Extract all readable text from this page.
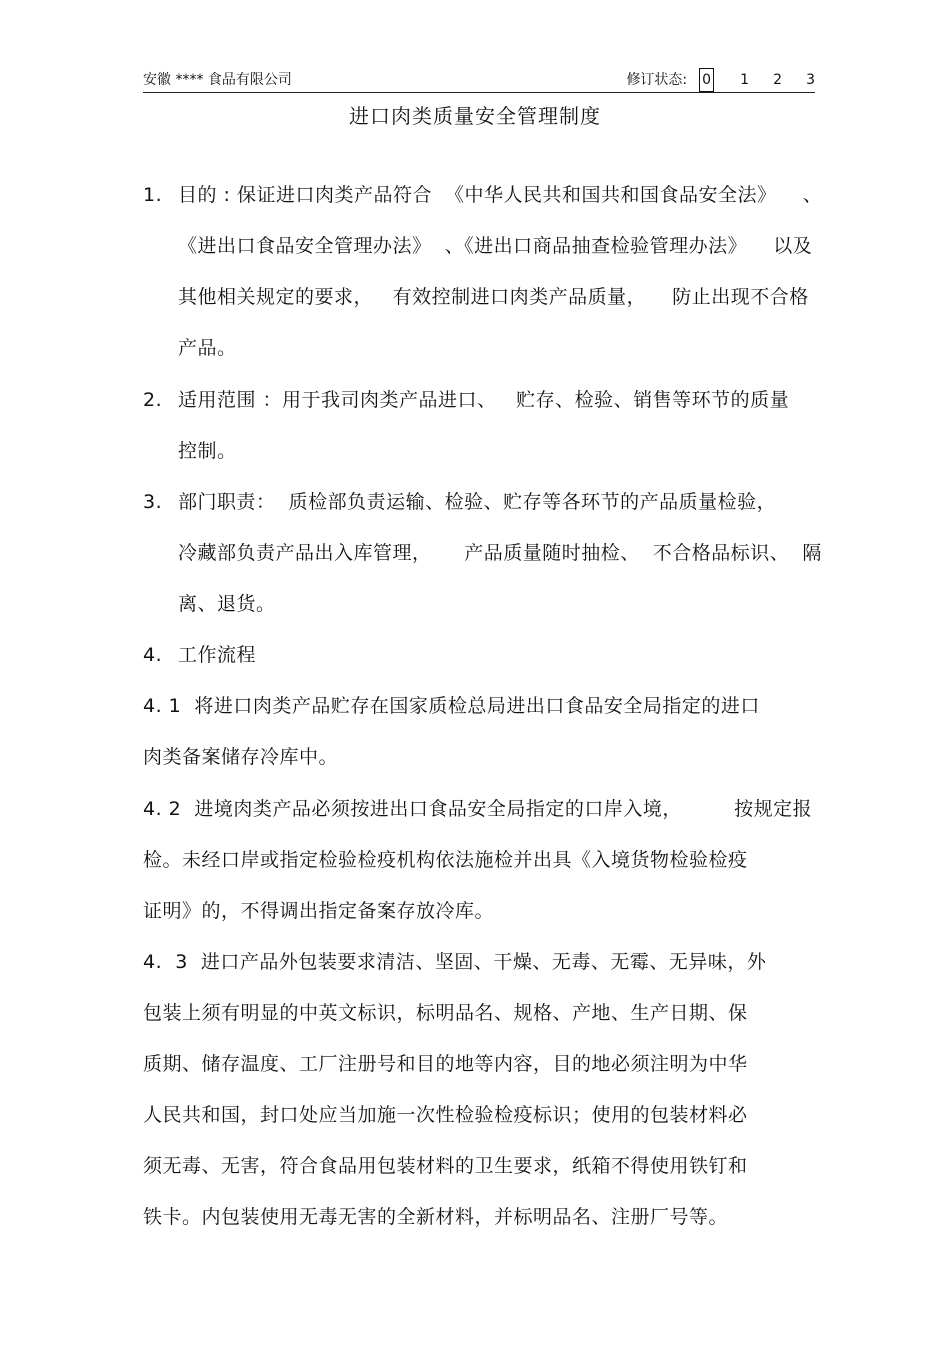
安徽 **** 食品有限公司	修订状态: 0 1	2	3
进口肉类质量安全管理制度
1. 目的 : 保证进口肉类产品符合  《中华人民共和国共和国食品安全法》    、
《进出口食品安全管理办法》  、《进出口商品抽查检验管理办法》    以及
其他相关规定的要求，   有效控制进口肉类产品质量，    防止出现不合格
产品。
2. 适用范围 ：用于我司肉类产品进口、   贮存、检验、销售等环节的质量
控制。
3. 部门职责：  质检部负责运输、检验、贮存等各环节的产品质量检验，
冷藏部负责产品出入库管理，     产品质量随时抽检、  不合格品标识、  隔
离、退货。
4. 工作流程
4. 1  将进口肉类产品贮存在国家质检总局进出口食品安全局指定的进口
肉类备案储存冷库中。
4. 2  进境肉类产品必须按进出口食品安全局指定的口岸入境，        按规定报
检。未经口岸或指定检验检疫机构依法施检并出具《入境货物检验检疫
证明》的，不得调出指定备案存放冷库。
4.  3  进口产品外包装要求清洁、坚固、干燥、无毒、无霉、无异味，外
包装上须有明显的中英文标识，标明品名、规格、产地、生产日期、保
质期、储存温度、工厂注册号和目的地等内容，目的地必须注明为中华
人民共和国，封口处应当加施一次性检验检疫标识；使用的包装材料必
须无毒、无害，符合食品用包装材料的卫生要求，纸箱不得使用铁钉和
铁卡。内包装使用无毒无害的全新材料，并标明品名、注册厂号等。
